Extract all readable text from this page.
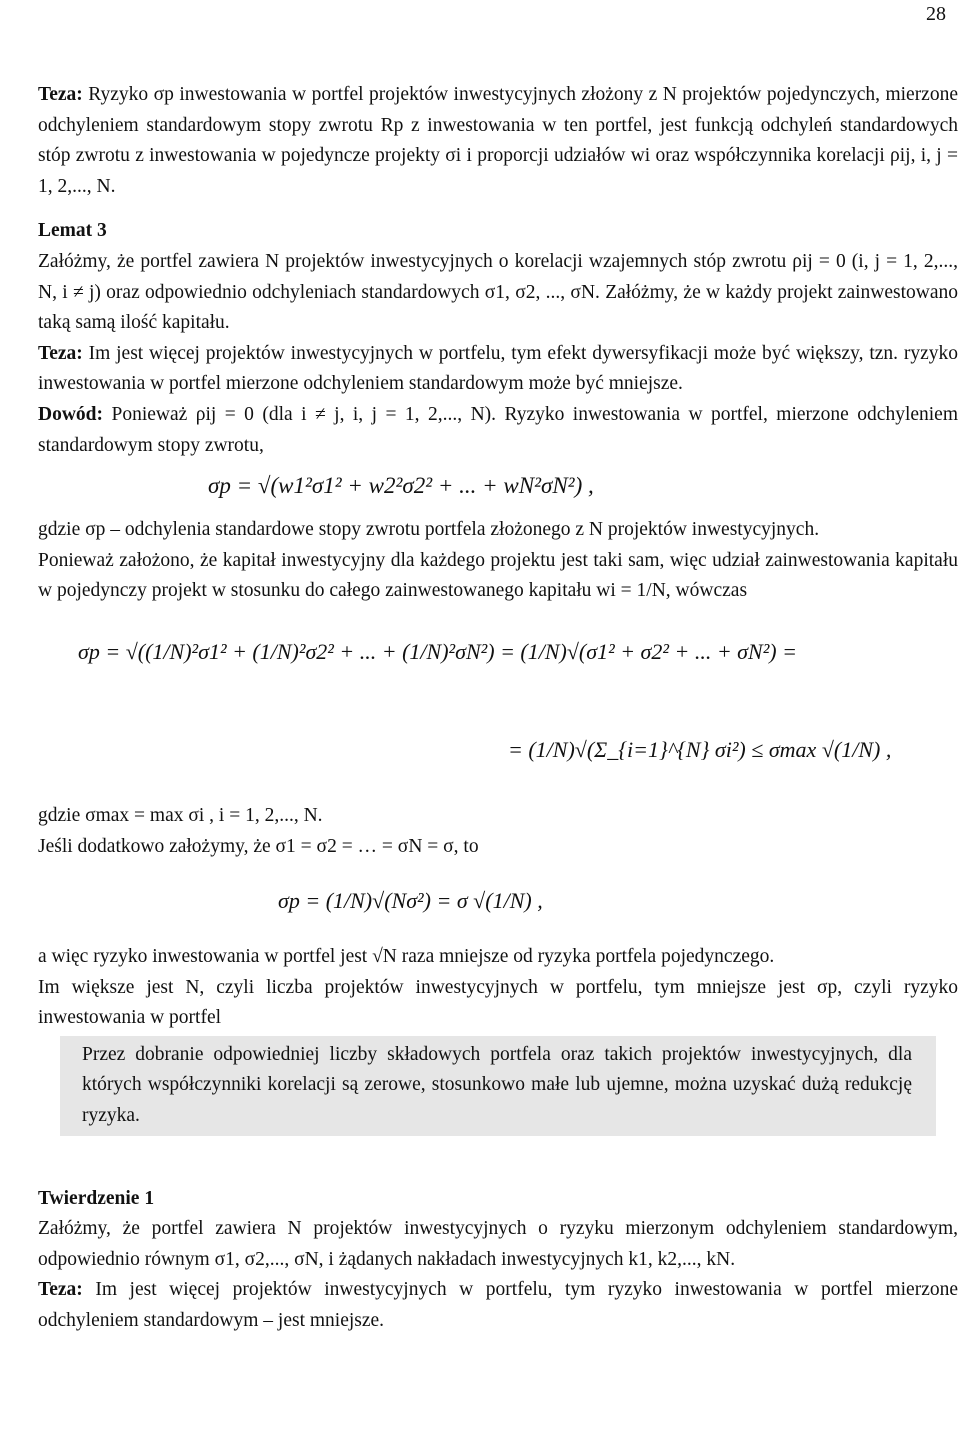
28

Teza: Ryzyko σp inwestowania w portfel projektów inwestycyjnych złożony z N projektów pojedynczych, mierzone odchyleniem standardowym stopy zwrotu Rp z inwestowania w ten portfel, jest funkcją odchyleń standardowych stóp zwrotu z inwestowania w pojedyncze projekty σi i proporcji udziałów wi oraz współczynnika korelacji ρij, i, j = 1, 2,..., N.

Lemat 3

Załóżmy, że portfel zawiera N projektów inwestycyjnych o korelacji wzajemnych stóp zwrotu ρij = 0 (i, j = 1, 2,..., N, i ≠ j) oraz odpowiednio odchyleniach standardowych σ1, σ2, ..., σN. Załóżmy, że w każdy projekt zainwestowano taką samą ilość kapitału.

Teza: Im jest więcej projektów inwestycyjnych w portfelu, tym efekt dywersyfikacji może być większy, tzn. ryzyko inwestowania w portfel mierzone odchyleniem standardowym może być mniejsze.

Dowód: Ponieważ ρij = 0 (dla i ≠ j, i, j = 1, 2,..., N). Ryzyko inwestowania w portfel, mierzone odchyleniem standardowym stopy zwrotu,

σp = √(w1²σ1² + w2²σ2² + ... + wN²σN²) ,

gdzie σp – odchylenia standardowe stopy zwrotu portfela złożonego z N projektów inwestycyjnych.

Ponieważ założono, że kapitał inwestycyjny dla każdego projektu jest taki sam, więc udział zainwestowania kapitału w pojedynczy projekt w stosunku do całego zainwestowanego kapitału wi = 1/N, wówczas

σp = √((1/N)²σ1² + (1/N)²σ2² + ... + (1/N)²σN²) = (1/N)√(σ1² + σ2² + ... + σN²) =
= (1/N)√(Σ_{i=1}^{N} σi²) ≤ σmax √(1/N) ,

gdzie σmax = max σi , i = 1, 2,..., N.

Jeśli dodatkowo założymy, że σ1 = σ2 = … = σN = σ, to

σp = (1/N)√(Nσ²) = σ √(1/N) ,

a więc ryzyko inwestowania w portfel jest √N raza mniejsze od ryzyka portfela pojedynczego.

Im większe jest N, czyli liczba projektów inwestycyjnych w portfelu, tym mniejsze jest σp, czyli ryzyko inwestowania w portfel

Przez dobranie odpowiedniej liczby składowych portfela oraz takich projektów inwestycyjnych, dla których współczynniki korelacji są zerowe, stosunkowo małe lub ujemne, można uzyskać dużą redukcję ryzyka.

Twierdzenie 1

Załóżmy, że portfel zawiera N projektów inwestycyjnych o ryzyku mierzonym odchyleniem standardowym, odpowiednio równym σ1, σ2,..., σN, i żądanych nakładach inwestycyjnych k1, k2,..., kN.

Teza: Im jest więcej projektów inwestycyjnych w portfelu, tym ryzyko inwestowania w portfel mierzone odchyleniem standardowym – jest mniejsze.
